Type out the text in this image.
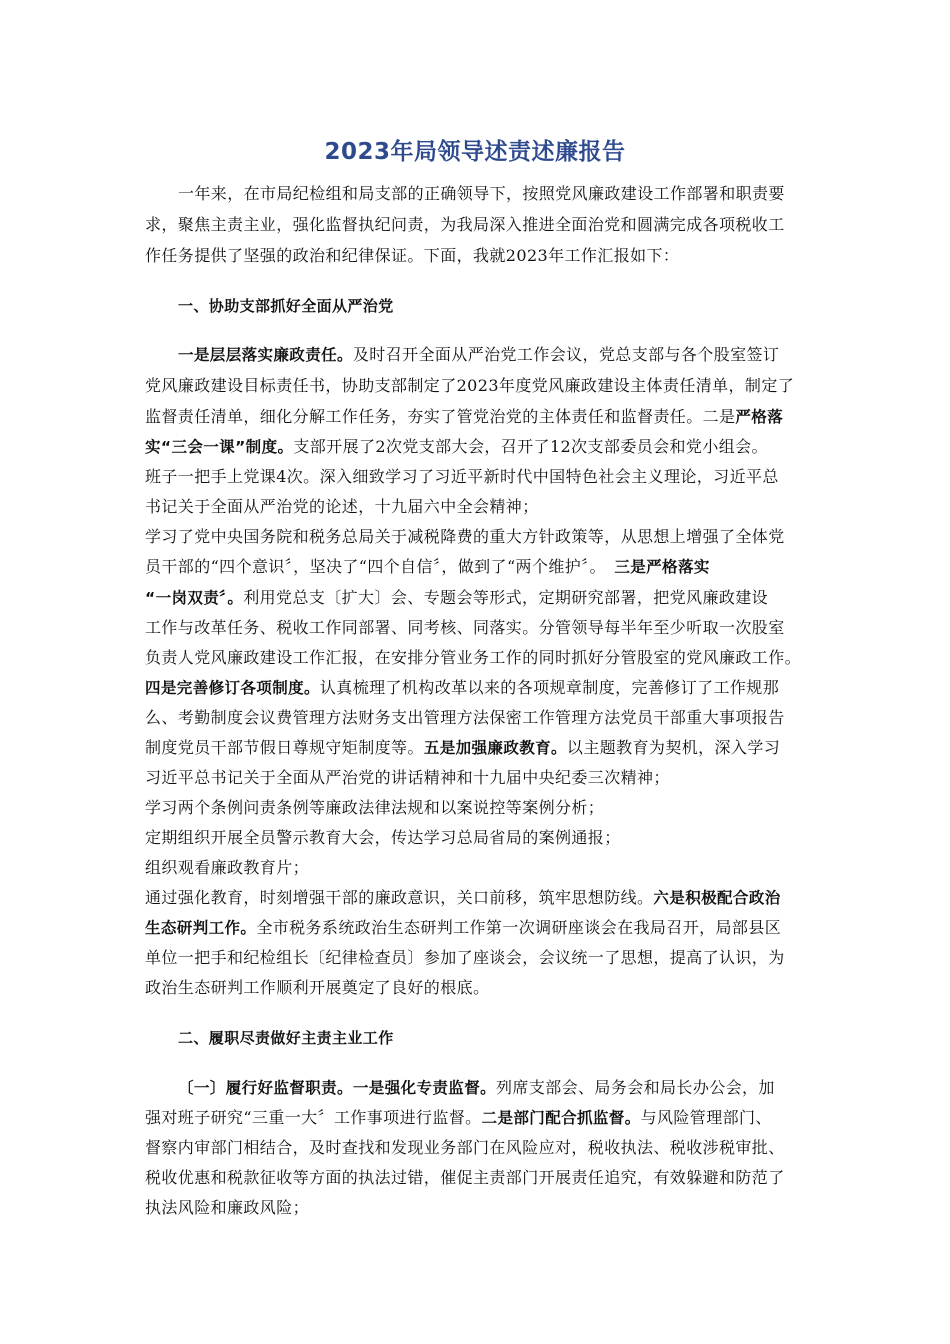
2023年局领导述责述廉报告
一年来，在市局纪检组和局支部的正确领导下，按照党风廉政建设工作部署和职责要
求，聚焦主责主业，强化监督执纪问责，为我局深入推进全面治党和圆满完成各项税收工
作任务提供了坚强的政治和纪律保证。下面，我就2023年工作汇报如下：
一、协助支部抓好全面从严治党
一是层层落实廉政责任。及时召开全面从严治党工作会议，党总支部与各个股室签订
党风廉政建设目标责任书，协助支部制定了2023年度党风廉政建设主体责任清单，制定了
监督责任清单，细化分解工作任务，夯实了管党治党的主体责任和监督责任。二是严格落
实“三会一课”制度。支部开展了2次党支部大会，召开了12次支部委员会和党小组会。
班子一把手上党课4次。深入细致学习了习近平新时代中国特色社会主义理论，习近平总
书记关于全面从严治党的论述，十九届六中全会精神；
学习了党中央国务院和税务总局关于减税降费的重大方针政策等，从思想上增强了全体党
员干部的“四个意识〞，坚决了“四个自信〞，做到了“两个维护〞。　三是严格落实
“一岗双责〞。利用党总支〔扩大〕会、专题会等形式，定期研究部署，把党风廉政建设
工作与改革任务、税收工作同部署、同考核、同落实。分管领导每半年至少听取一次股室
负责人党风廉政建设工作汇报，在安排分管业务工作的同时抓好分管股室的党风廉政工作。
四是完善修订各项制度。认真梳理了机构改革以来的各项规章制度，完善修订了工作规那
么、考勤制度会议费管理方法财务支出管理方法保密工作管理方法党员干部重大事项报告
制度党员干部节假日尊规守矩制度等。五是加强廉政教育。以主题教育为契机，深入学习
习近平总书记关于全面从严治党的讲话精神和十九届中央纪委三次精神；
学习两个条例问责条例等廉政法律法规和以案说控等案例分析；
定期组织开展全员警示教育大会，传达学习总局省局的案例通报；
组织观看廉政教育片；
通过强化教育，时刻增强干部的廉政意识，关口前移，筑牢思想防线。六是积极配合政治
生态研判工作。全市税务系统政治生态研判工作第一次调研座谈会在我局召开，局部县区
单位一把手和纪检组长〔纪律检查员〕参加了座谈会，会议统一了思想，提高了认识，为
政治生态研判工作顺利开展奠定了良好的根底。
二、履职尽责做好主责主业工作
〔一〕履行好监督职责。一是强化专责监督。列席支部会、局务会和局长办公会，加
强对班子研究“三重一大〞工作事项进行监督。二是部门配合抓监督。与风险管理部门、
督察内审部门相结合，及时查找和发现业务部门在风险应对，税收执法、税收涉税审批、
税收优惠和税款征收等方面的执法过错，催促主责部门开展责任追究，有效躲避和防范了
执法风险和廉政风险；
